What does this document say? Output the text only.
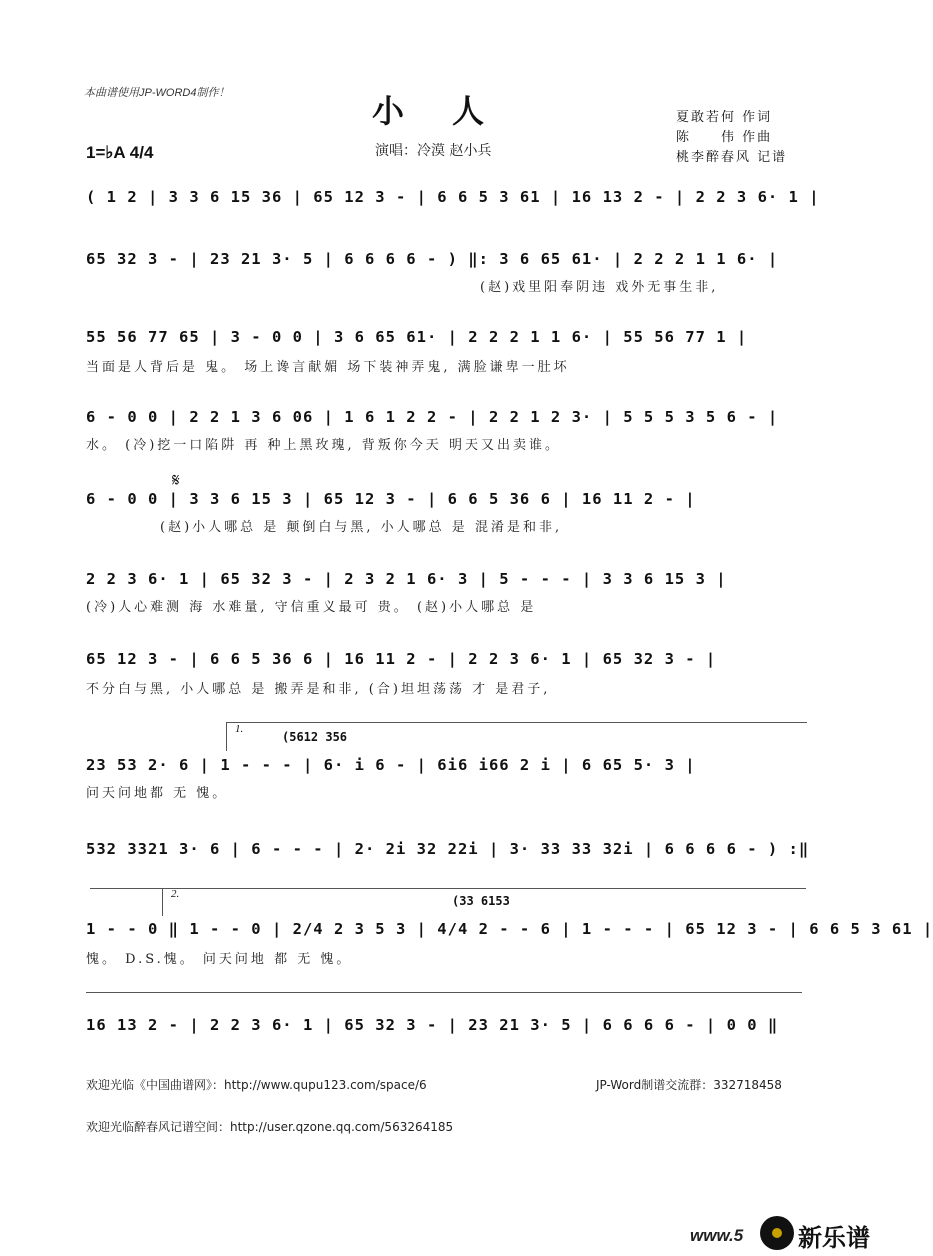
本曲谱使用JP-WORD4制作！	小人
1=♭A 4/4	演唱：冷漠 赵小兵
夏敢若何 作词
陈　　伟 作曲
桃李醉春风 记谱
( 1 2 | 3 3 6 15 36 | 65 12 3 - | 6 6 5 3 61 | 16 13 2 - | 2 2 3 6· 1 |
65 32 3 - | 23 21 3· 5 | 6 6 6 6 - ) ‖: 3 6 65 61· | 2 2 2 1 1 6· |
(赵)戏里阳奉阴违 戏外无事生非,
55 56 77 65 | 3 - 0 0 | 3 6 65 61· | 2 2 2 1 1 6· | 55 56 77 1 |
当面是人背后是 鬼。 场上谗言献媚 场下装神弄鬼, 满脸谦卑一肚坏
6 - 0 0 | 2 2 1 3 6 06 | 1 6 1 2 2 - | 2 2 1 2 3· | 5 5 5 3 5 6 - |
水。 (冷)挖一口陷阱 再 种上黑玫瑰, 背叛你今天 明天又出卖谁。
𝄋
6 - 0 0 | 3 3 6 15 3 | 65 12 3 - | 6 6 5 36 6 | 16 11 2 - |
(赵)小人哪总 是 颠倒白与黑, 小人哪总 是 混淆是和非,
2 2 3 6· 1 | 65 32 3 - | 2 3 2 1 6· 3 | 5 - - - | 3 3 6 15 3 |
(冷)人心难测 海 水难量, 守信重义最可 贵。 (赵)小人哪总 是
65 12 3 - | 6 6 5 36 6 | 16 11 2 - | 2 2 3 6· 1 | 65 32 3 - |
不分白与黑, 小人哪总 是 搬弄是和非, (合)坦坦荡荡 才 是君子,
1.
(5612 356
23 53 2· 6 | 1 - - - | 6· i 6 - | 6i6 i66 2 i | 6 65 5· 3 |
问天问地都 无 愧。
532 3321 3· 6 | 6 - - - | 2· 2i 32 22i | 3· 33 33 32i | 6 6 6 6 - ) :‖
2.	(33 6153
1 - - 0 ‖ 1 - - 0 | 2/4 2 3 5 3 | 4/4 2 - - 6 | 1 - - - | 65 12 3 - | 6 6 5 3 61 |
愧。 D.S.愧。 问天问地 都 无 愧。
16 13 2 - | 2 2 3 6· 1 | 65 32 3 - | 23 21 3· 5 | 6 6 6 6 - | 0 0 ‖
欢迎光临《中国曲谱网》：http://www.qupu123.com/space/6	JP-Word制谱交流群：332718458
欢迎光临醉春风记谱空间：http://user.qzone.qq.com/563264185
www.5 新乐谱
